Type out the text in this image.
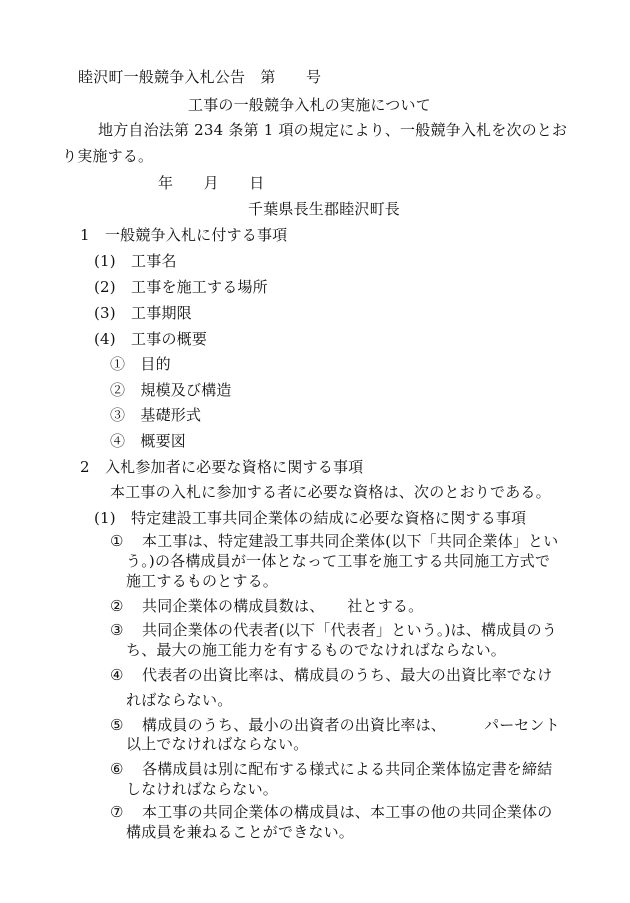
睦沢町一般競争入札公告　第　　号
工事の一般競争入札の実施について
地方自治法第 234 条第 1 項の規定により、一般競争入札を次のとお
り実施する。
年　　月　　日
千葉県長生郡睦沢町長
1　一般競争入札に付する事項
(1)　工事名
(2)　工事を施工する場所
(3)　工事期限
(4)　工事の概要
①　目的
②　規模及び構造
③　基礎形式
④　概要図
2　入札参加者に必要な資格に関する事項
本工事の入札に参加する者に必要な資格は、次のとおりである。
(1)　特定建設工事共同企業体の結成に必要な資格に関する事項
① 本工事は、特定建設工事共同企業体(以下「共同企業体」とい
う。)の各構成員が一体となって工事を施工する共同施工方式で
施工するものとする。
② 共同企業体の構成員数は、　　社とする。
③ 共同企業体の代表者(以下「代表者」という。)は、構成員のう
ち、最大の施工能力を有するものでなければならない。
④ 代表者の出資比率は、構成員のうち、最大の出資比率でなけ
ればならない。
⑤ 構成員のうち、最小の出資者の出資比率は、　　　パーセント
以上でなければならない。
⑥ 各構成員は別に配布する様式による共同企業体協定書を締結
しなければならない。
⑦ 本工事の共同企業体の構成員は、本工事の他の共同企業体の
構成員を兼ねることができない。
